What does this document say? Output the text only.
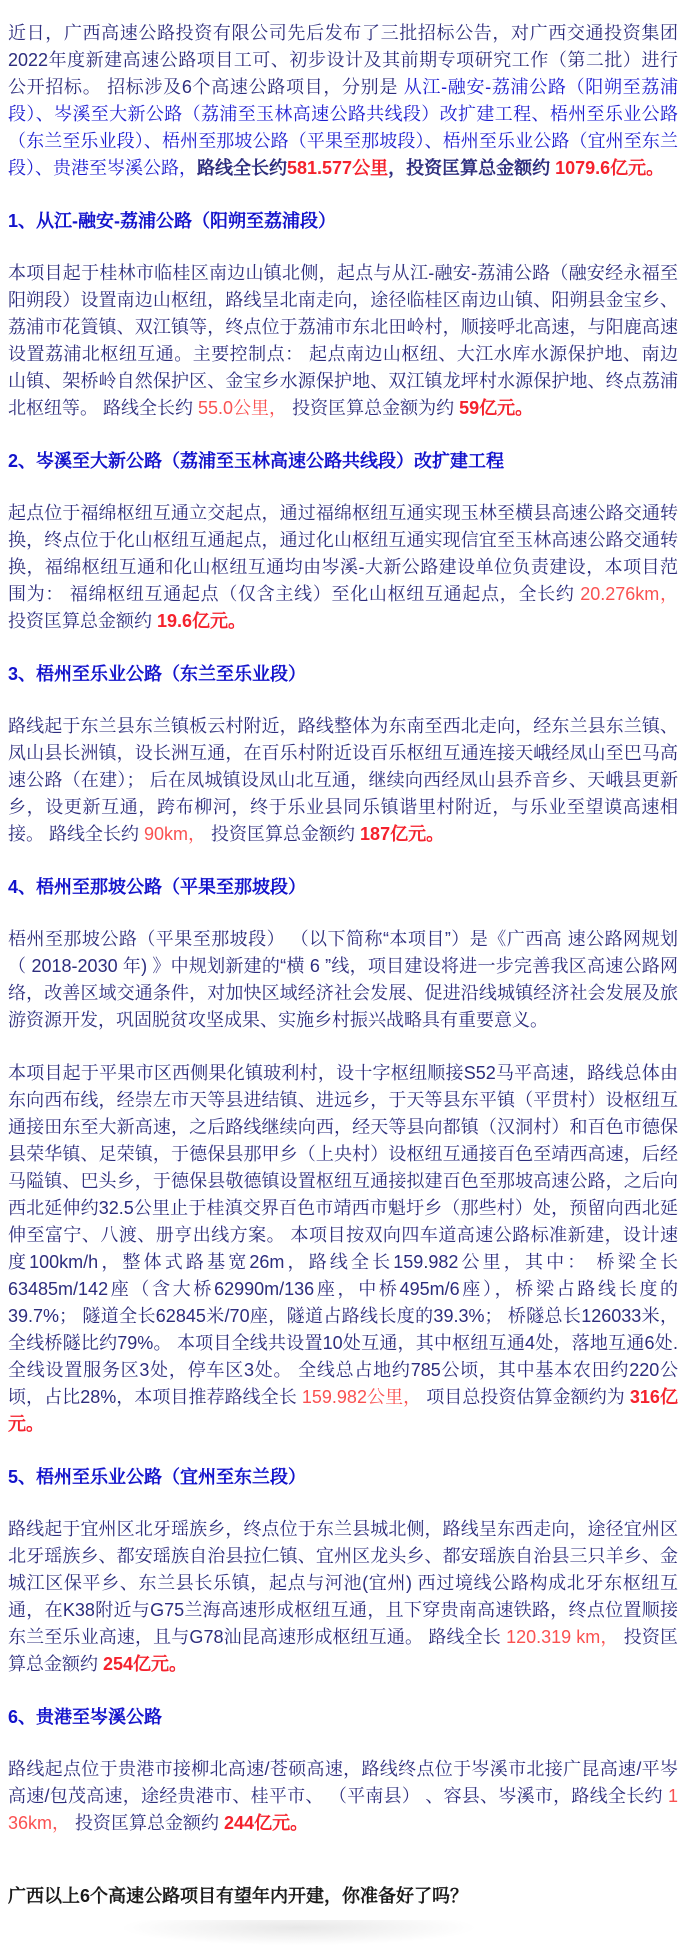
近日，广西高速公路投资有限公司先后发布了三批招标公告，对广西交通投资集团2022年度新建高速公路项目工可、初步设计及其前期专项研究工作（第二批）进行公开招标。 招标涉及6个高速公路项目，分别是 从江-融安-荔浦公路（阳朔至荔浦段）、岑溪至大新公路（荔浦至玉林高速公路共线段）改扩建工程、梧州至乐业公路（东兰至乐业段）、梧州至那坡公路（平果至那坡段）、梧州至乐业公路（宜州至东兰段）、贵港至岑溪公路，路线全长约581.577公里，投资匡算总金额约 1079.6亿元。

1、从江-融安-荔浦公路（阳朔至荔浦段）

本项目起于桂林市临桂区南边山镇北侧，起点与从江-融安-荔浦公路（融安经永福至阳朔段）设置南边山枢纽，路线呈北南走向，途径临桂区南边山镇、阳朔县金宝乡、荔浦市花篢镇、双江镇等，终点位于荔浦市东北田岭村，顺接呼北高速，与阳鹿高速设置荔浦北枢纽互通。主要控制点： 起点南边山枢纽、大江水库水源保护地、南边山镇、架桥岭自然保护区、金宝乡水源保护地、双江镇龙坪村水源保护地、终点荔浦北枢纽等。 路线全长约 55.0公里， 投资匡算总金额为约 59亿元。

2、岑溪至大新公路（荔浦至玉林高速公路共线段）改扩建工程

起点位于福绵枢纽互通立交起点，通过福绵枢纽互通实现玉林至横县高速公路交通转换，终点位于化山枢纽互通起点，通过化山枢纽互通实现信宜至玉林高速公路交通转换，福绵枢纽互通和化山枢纽互通均由岑溪-大新公路建设单位负责建设，本项目范围为： 福绵枢纽互通起点（仅含主线）至化山枢纽互通起点，全长约 20.276km， 投资匡算总金额约 19.6亿元。

3、梧州至乐业公路（东兰至乐业段）

路线起于东兰县东兰镇板云村附近，路线整体为东南至西北走向，经东兰县东兰镇、凤山县长洲镇，设长洲互通，在百乐村附近设百乐枢纽互通连接天峨经凤山至巴马高速公路（在建）； 后在凤城镇设凤山北互通，继续向西经凤山县乔音乡、天峨县更新乡，设更新互通，跨布柳河，终于乐业县同乐镇谐里村附近，与乐业至望谟高速相接。 路线全长约 90km， 投资匡算总金额约 187亿元。

4、梧州至那坡公路（平果至那坡段）

梧州至那坡公路（平果至那坡段） （以下简称“本项目”）是《广西高 速公路网规划 （ 2018-2030 年) 》中规划新建的“横 6 ”线，项目建设将进一步完善我区高速公路网络，改善区域交通条件，对加快区域经济社会发展、促进沿线城镇经济社会发展及旅游资源开发，巩固脱贫攻坚成果、实施乡村振兴战略具有重要意义。

本项目起于平果市区西侧果化镇玻利村，设十字枢纽顺接S52马平高速，路线总体由东向西布线，经崇左市天等县进结镇、进远乡，于天等县东平镇（平贯村）设枢纽互通接田东至大新高速，之后路线继续向西，经天等县向都镇（汉洞村）和百色市德保县荣华镇、足荣镇，于德保县那甲乡（上央村）设枢纽互通接百色至靖西高速，后经马隘镇、巴头乡，于德保县敬德镇设置枢纽互通接拟建百色至那坡高速公路，之后向西北延伸约32.5公里止于桂滇交界百色市靖西市魁圩乡（那些村）处，预留向西北延伸至富宁、八渡、册亨出线方案。 本项目按双向四车道高速公路标准新建，设计速度100km/h，整体式路基宽26m，路线全长159.982公里，其中： 桥梁全长63485m/142座（含大桥62990m/136座，中桥495m/6座），桥梁占路线长度的39.7%； 隧道全长62845米/70座，隧道占路线长度的39.3%； 桥隧总长126033米，全线桥隧比约79%。 本项目全线共设置10处互通，其中枢纽互通4处，落地互通6处.全线设置服务区3处，停车区3处。 全线总占地约785公顷，其中基本农田约220公顷，占比28%，本项目推荐路线全长 159.982公里， 项目总投资估算金额约为 316亿元。

5、梧州至乐业公路（宜州至东兰段）

路线起于宜州区北牙瑶族乡，终点位于东兰县城北侧，路线呈东西走向，途径宜州区北牙瑶族乡、都安瑶族自治县拉仁镇、宜州区龙头乡、都安瑶族自治县三只羊乡、金城江区保平乡、东兰县长乐镇，起点与河池(宜州) 西过境线公路构成北牙东枢纽互通，在K38附近与G75兰海高速形成枢纽互通，且下穿贵南高速铁路，终点位置顺接东兰至乐业高速，且与G78汕昆高速形成枢纽互通。 路线全长 120.319 km， 投资匡算总金额约 254亿元。

6、贵港至岑溪公路

路线起点位于贵港市接柳北高速/苍硕高速，路线终点位于岑溪市北接广昆高速/平岑高速/包茂高速，途经贵港市、桂平市、 （平南县） 、容县、岑溪市，路线全长约 1 36km， 投资匡算总金额约 244亿元。

广西以上6个高速公路项目有望年内开建，你准备好了吗？
